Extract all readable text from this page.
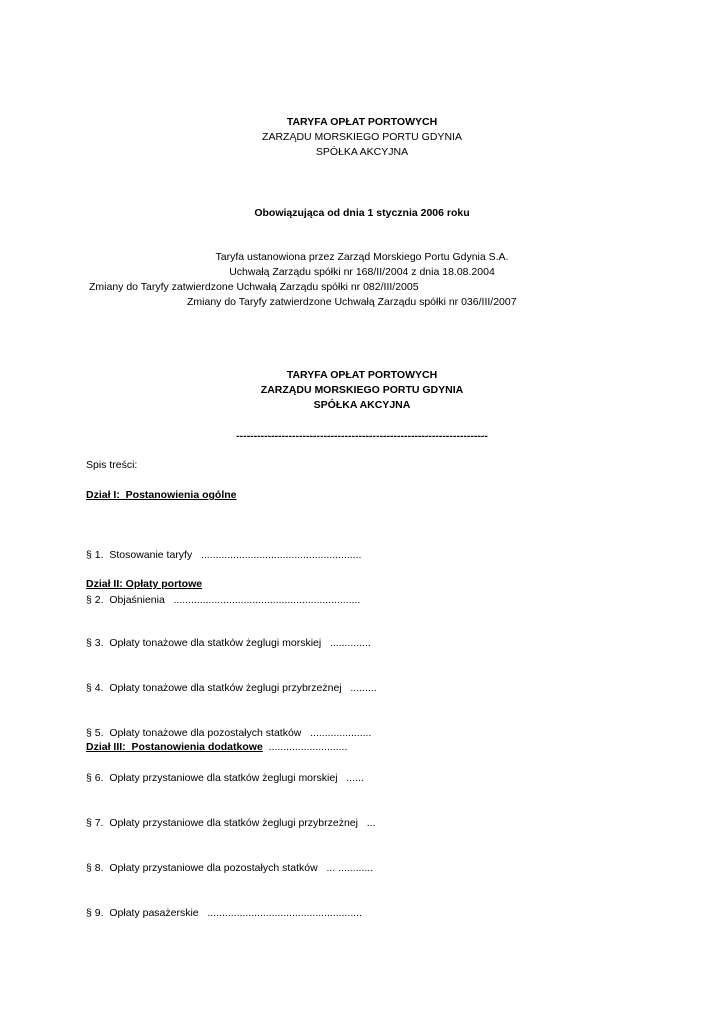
TARYFA OPŁAT PORTOWYCH
ZARZĄDU MORSKIEGO PORTU GDYNIA
SPÓŁKA AKCYJNA
Obowiązująca od dnia 1 stycznia 2006 roku
Taryfa ustanowiona przez Zarząd Morskiego Portu Gdynia S.A.
Uchwałą Zarządu spółki nr 168/II/2004 z dnia 18.08.2004
Zmiany do Taryfy zatwierdzone Uchwałą Zarządu spółki nr 082/III/2005
Zmiany do Taryfy zatwierdzone Uchwałą Zarządu spółki nr 036/III/2007
TARYFA OPŁAT PORTOWYCH
ZARZĄDU MORSKIEGO PORTU GDYNIA
SPÓŁKA AKCYJNA
------------------------------------------------------------------------
Spis treści:
Dział I:  Postanowienia ogólne

§ 1.  Stosowanie taryfy   .......................................................

§ 2.  Objaśnienia   ................................................................

Dział II: Opłaty portowe

§ 3.  Opłaty tonażowe dla statków żeglugi morskiej   ..............

§ 4.  Opłaty tonażowe dla statków żeglugi przybrzeżnej   .........

§ 5.  Opłaty tonażowe dla pozostałych statków   .....................

§ 6.  Opłaty przystaniowe dla statków żeglugi morskiej   ......

§ 7.  Opłaty przystaniowe dla statków żeglugi przybrzeżnej   ...

§ 8.  Opłaty przystaniowe dla pozostałych statków   ... ............

§ 9.  Opłaty pasażerskie   .....................................................

Dział III:  Postanowienia dodatkowe  ...........................
